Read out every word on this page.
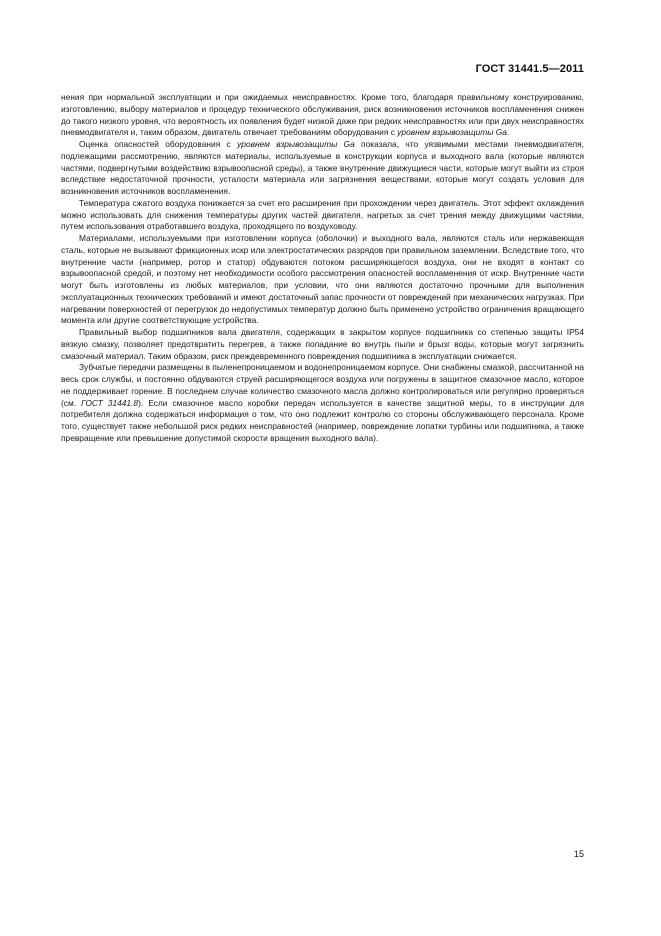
ГОСТ 31441.5—2011

нения при нормальной эксплуатации и при ожидаемых неисправностях. Кроме того, благодаря правильному конструированию, изготовлению, выбору материалов и процедур технического обслуживания, риск возникновения источников воспламенения снижен до такого низкого уровня, что вероятность их появления будет низкой даже при редких неисправностях или при двух неисправностях пневмодвигателя и, таким образом, двигатель отвечает требованиям оборудования с уровнем взрывозащиты Ga.

Оценка опасностей оборудования с уровнем взрывозащиты Ga показала, что уязвимыми местами пневмодвигателя, подлежащими рассмотрению, являются материалы, используемые в конструкции корпуса и выходного вала (которые являются частями, подвергнутыми воздействию взрывоопасной среды), а также внутренние движущиеся части, которые могут выйти из строя вследствие недостаточной прочности, усталости материала или загрязнения веществами, которые могут создать условия для возникновения источников воспламенения.

Температура сжатого воздуха понижается за счет его расширения при прохождении через двигатель. Этот эффект охлаждения можно использовать для снижения температуры других частей двигателя, нагретых за счет трения между движущими частями, путем использования отработавшего воздуха, проходящего по воздуховоду.

Материалами, используемыми при изготовлении корпуса (оболочки) и выходного вала, являются сталь или нержавеющая сталь, которые не вызывают фрикционных искр или электростатических разрядов при правильном заземлении. Вследствие того, что внутренние части (например, ротор и статор) обдуваются потоком расширяющегося воздуха, они не входят в контакт со взрывоопасной средой, и поэтому нет необходимости особого рассмотрения опасностей воспламенения от искр. Внутренние части могут быть изготовлены из любых материалов, при условии, что они являются достаточно прочными для выполнения эксплуатационных технических требований и имеют достаточный запас прочности от повреждений при механических нагрузках. При нагревании поверхностей от перегрузок до недопустимых температур должно быть применено устройство ограничения вращающего момента или другие соответствующие устройства.

Правильный выбор подшипников вала двигателя, содержащих в закрытом корпусе подшипника со степенью защиты IP54 вязкую смазку, позволяет предотвратить перегрев, а также попадание во внутрь пыли и брызг воды, которые могут загрязнить смазочный материал. Таким образом, риск преждевременного повреждения подшипника в эксплуатации снижается.

Зубчатые передачи размещены в пыленепроницаемом и водонепроницаемом корпусе. Они снабжены смазкой, рассчитанной на весь срок службы, и постоянно обдуваются струей расширяющегося воздуха или погружены в защитное смазочное масло, которое не поддерживает горение. В последнем случае количество смазочного масла должно контролироваться или регулярно проверяться (см. ГОСТ 31441.8). Если смазочное масло коробки передач используется в качестве защитной меры, то в инструкции для потребителя должна содержаться информация о том, что оно подлежит контролю со стороны обслуживающего персонала. Кроме того, существует также небольшой риск редких неисправностей (например, повреждение лопатки турбины или подшипника, а также превращение или превышение допустимой скорости вращения выходного вала).

15
